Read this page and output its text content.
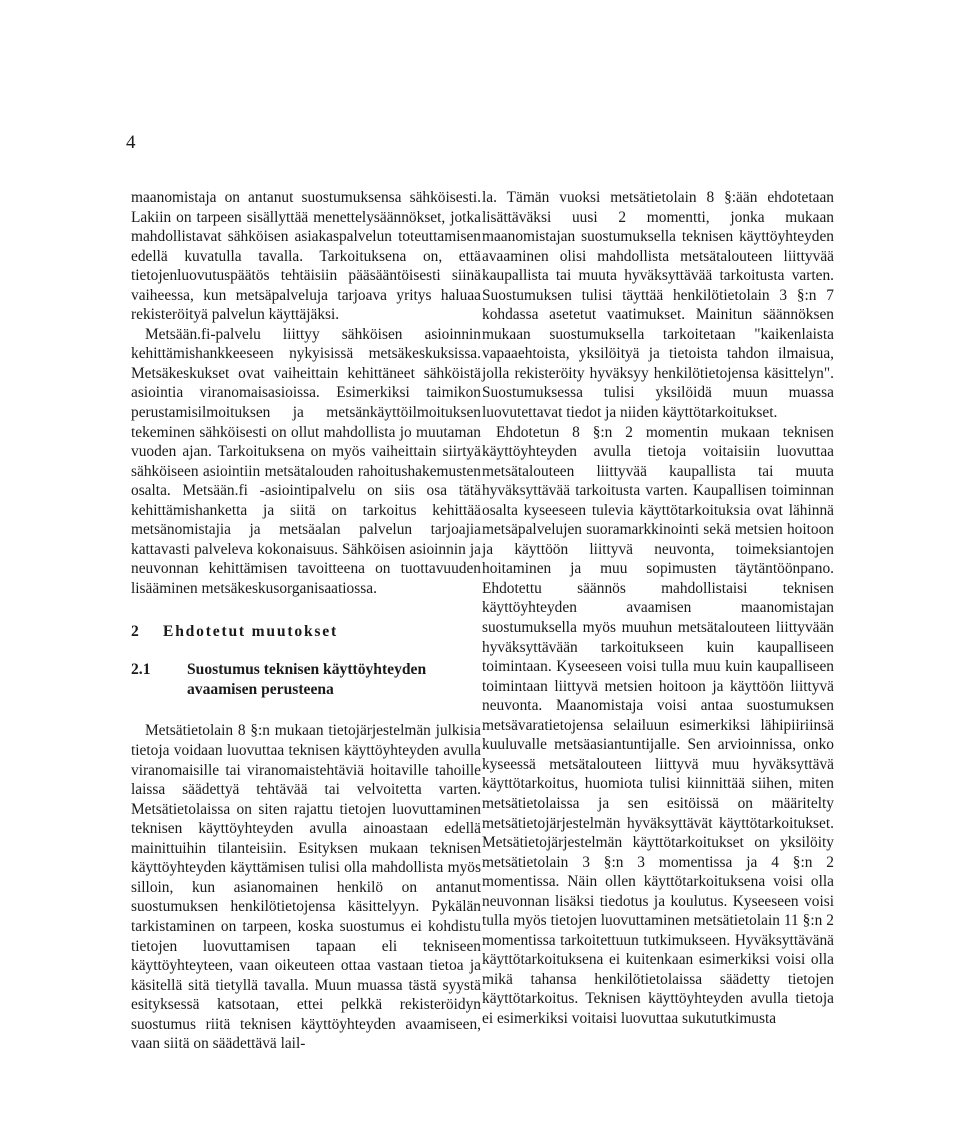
4

maanomistaja on antanut suostumuksensa sähköisesti. Lakiin on tarpeen sisällyttää menettelysäännökset, jotka mahdollistavat sähköisen asiakaspalvelun toteuttamisen edellä kuvatulla tavalla. Tarkoituksena on, että tietojenluovutuspäätös tehtäisiin pääsääntöisesti siinä vaiheessa, kun metsäpalveluja tarjoava yritys haluaa rekisteröityä palvelun käyttäjäksi.

Metsään.fi-palvelu liittyy sähköisen asioinnin kehittämishankkeeseen nykyisissä metsäkeskuksissa. Metsäkeskukset ovat vaiheittain kehittäneet sähköistä asiointia viranomaisasioissa. Esimerkiksi taimikon perustamisilmoituksen ja metsänkäyttöilmoituksen tekeminen sähköisesti on ollut mahdollista jo muutaman vuoden ajan. Tarkoituksena on myös vaiheittain siirtyä sähköiseen asiointiin metsätalouden rahoitushakemusten osalta. Metsään.fi -asiointipalvelu on siis osa tätä kehittämishanketta ja siitä on tarkoitus kehittää metsänomistajia ja metsäalan palvelun tarjoajia kattavasti palveleva kokonaisuus. Sähköisen asioinnin ja neuvonnan kehittämisen tavoitteena on tuottavuuden lisääminen metsäkeskusorganisaatiossa.

2	Ehdotetut muutokset
2.1	Suostumus teknisen käyttöyhteyden avaamisen perusteena

Metsätietolain 8 §:n mukaan tietojärjestelmän julkisia tietoja voidaan luovuttaa teknisen käyttöyhteyden avulla viranomaisille tai viranomaistehtäviä hoitaville tahoille laissa säädettyä tehtävää tai velvoitetta varten. Metsätietolaissa on siten rajattu tietojen luovuttaminen teknisen käyttöyhteyden avulla ainoastaan edellä mainittuihin tilanteisiin. Esityksen mukaan teknisen käyttöyhteyden käyttämisen tulisi olla mahdollista myös silloin, kun asianomainen henkilö on antanut suostumuksen henkilötietojensa käsittelyyn. Pykälän tarkistaminen on tarpeen, koska suostumus ei kohdistu tietojen luovuttamisen tapaan eli tekniseen käyttöyhteyteen, vaan oikeuteen ottaa vastaan tietoa ja käsitellä sitä tietyllä tavalla. Muun muassa tästä syystä esityksessä katsotaan, ettei pelkkä rekisteröidyn suostumus riitä teknisen käyttöyhteyden avaamiseen, vaan siitä on säädettävä lail-

la. Tämän vuoksi metsätietolain 8 §:ään ehdotetaan lisättäväksi uusi 2 momentti, jonka mukaan maanomistajan suostumuksella teknisen käyttöyhteyden avaaminen olisi mahdollista metsätalouteen liittyvää kaupallista tai muuta hyväksyttävää tarkoitusta varten. Suostumuksen tulisi täyttää henkilötietolain 3 §:n 7 kohdassa asetetut vaatimukset. Mainitun säännöksen mukaan suostumuksella tarkoitetaan "kaikenlaista vapaaehtoista, yksilöityä ja tietoista tahdon ilmaisua, jolla rekisteröity hyväksyy henkilötietojensa käsittelyn". Suostumuksessa tulisi yksilöidä muun muassa luovutettavat tiedot ja niiden käyttötarkoitukset.

Ehdotetun 8 §:n 2 momentin mukaan teknisen käyttöyhteyden avulla tietoja voitaisiin luovuttaa metsätalouteen liittyvää kaupallista tai muuta hyväksyttävää tarkoitusta varten. Kaupallisen toiminnan osalta kyseeseen tulevia käyttötarkoituksia ovat lähinnä metsäpalvelujen suoramarkkinointi sekä metsien hoitoon ja käyttöön liittyvä neuvonta, toimeksiantojen hoitaminen ja muu sopimusten täytäntöönpano. Ehdotettu säännös mahdollistaisi teknisen käyttöyhteyden avaamisen maanomistajan suostumuksella myös muuhun metsätalouteen liittyvään hyväksyttävään tarkoitukseen kuin kaupalliseen toimintaan. Kyseeseen voisi tulla muu kuin kaupalliseen toimintaan liittyvä metsien hoitoon ja käyttöön liittyvä neuvonta. Maanomistaja voisi antaa suostumuksen metsävaratietojensa selailuun esimerkiksi lähipiiriinsä kuuluvalle metsäasiantuntijalle. Sen arvioinnissa, onko kyseessä metsätalouteen liittyvä muu hyväksyttävä käyttötarkoitus, huomiota tulisi kiinnittää siihen, miten metsätietolaissa ja sen esitöissä on määritelty metsätietojärjestelmän hyväksyttävät käyttötarkoitukset. Metsätietojärjestelmän käyttötarkoitukset on yksilöity metsätietolain 3 §:n 3 momentissa ja 4 §:n 2 momentissa. Näin ollen käyttötarkoituksena voisi olla neuvonnan lisäksi tiedotus ja koulutus. Kyseeseen voisi tulla myös tietojen luovuttaminen metsätietolain 11 §:n 2 momentissa tarkoitettuun tutkimukseen. Hyväksyttävänä käyttötarkoituksena ei kuitenkaan esimerkiksi voisi olla mikä tahansa henkilötietolaissa säädetty tietojen käyttötarkoitus. Teknisen käyttöyhteyden avulla tietoja ei esimerkiksi voitaisi luovuttaa sukututkimusta
